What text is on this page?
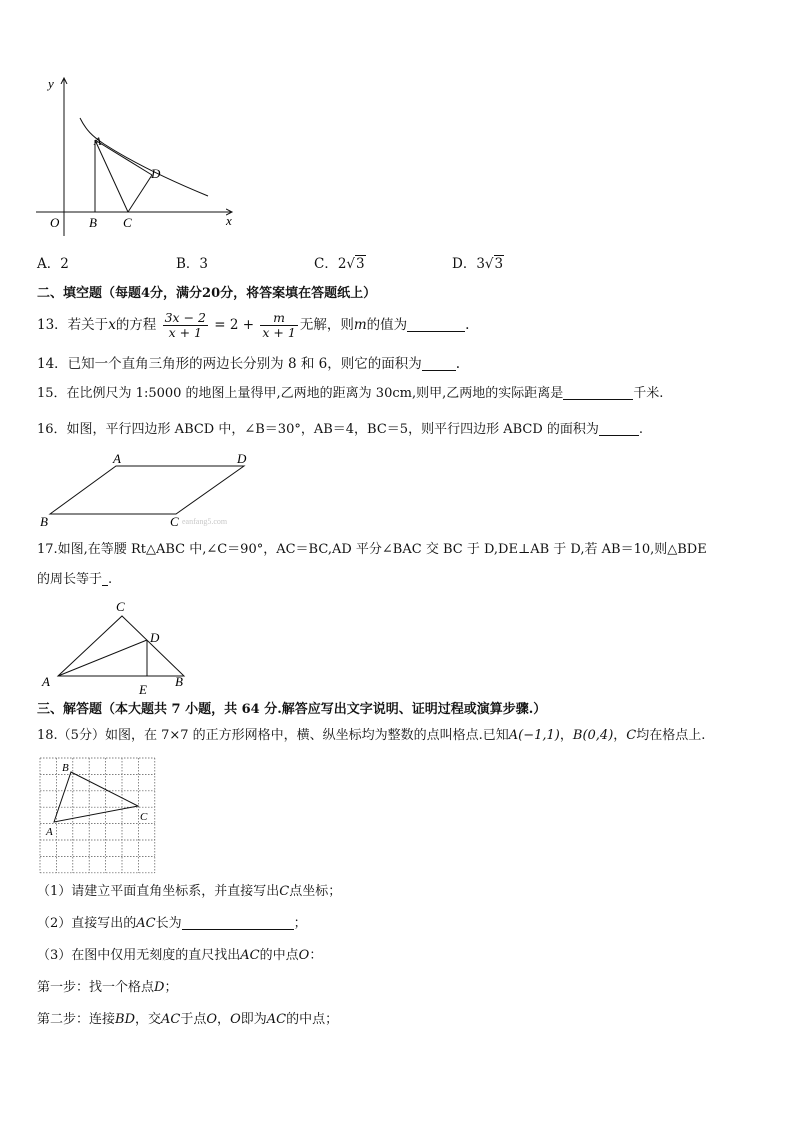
y
x
O
A
B C
D
A．2	B．3	C．2√3	D．3√3
二、填空题（每题4分，满分20分，将答案填在答题纸上）
13．若关于x的方程 $\frac{3x - 2}{x + 1} = 2 + \frac{m}{x + 1}$ 无解，则m的值为	.
14．已知一个直角三角形的两边长分别为 8 和 6，则它的面积为	.
15．在比例尺为 1:5000 的地图上量得甲,乙两地的距离为 30cm,则甲,乙两地的实际距离是	千米.
16．如图，平行四边形 ABCD 中，∠B＝30°，AB＝4，BC＝5，则平行四边形 ABCD 的面积为	.
A	D
B	C eanfang5.com
17.如图,在等腰 Rt△ABC 中,∠C＝90°，AC＝BC,AD 平分∠BAC 交 BC 于 D,DE⊥AB 于 D,若 AB＝10,则△BDE
的周长等于 .
C
D
A
E
B
三、解答题（本大题共 7 小题，共 64 分.解答应写出文字说明、证明过程或演算步骤.）
18.（5分）如图，在 7×7 的正方形网格中，横、纵坐标均为整数的点叫格点.已知A(−1,1)，B(0,4)，C均在格点上.
B
A
C
（1）请建立平面直角坐标系，并直接写出C点坐标；
（2）直接写出的AC长为	；
（3）在图中仅用无刻度的直尺找出AC的中点O：
第一步：找一个格点D；
第二步：连接BD，交AC于点O，O即为AC的中点；
